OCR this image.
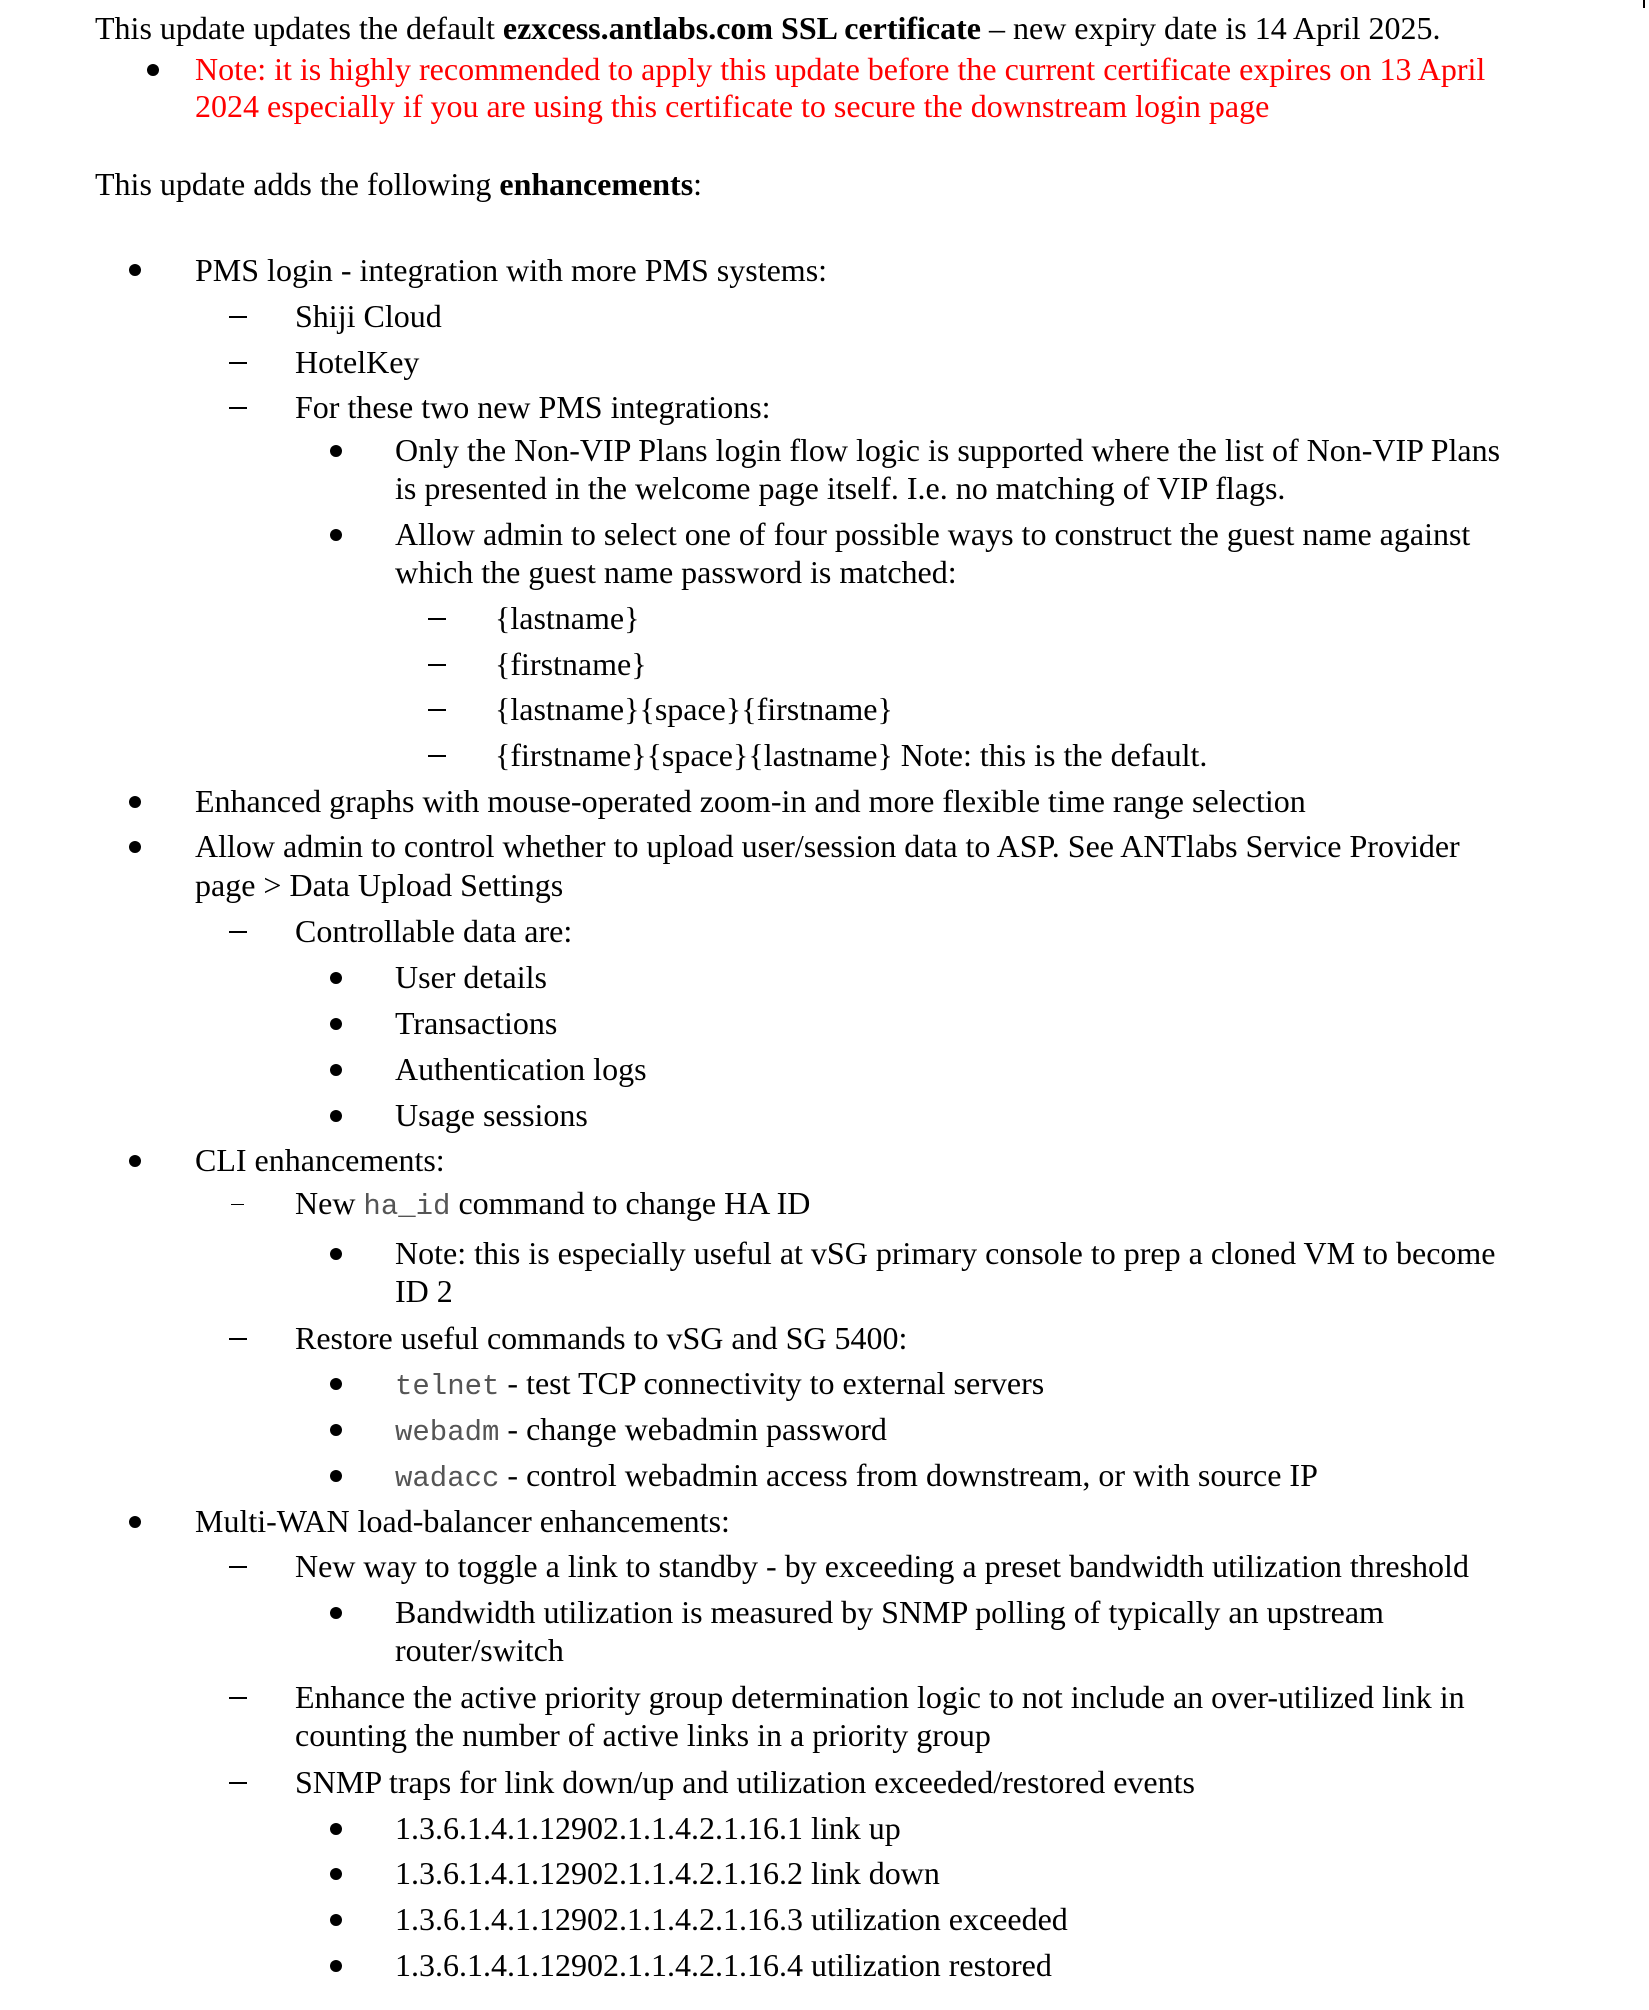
This update updates the default ezxcess.antlabs.com SSL certificate – new expiry date is 14 April 2025.
Note: it is highly recommended to apply this update before the current certificate expires on 13 April
2024 especially if you are using this certificate to secure the downstream login page
This update adds the following enhancements:
PMS login - integration with more PMS systems:
Shiji Cloud
HotelKey
For these two new PMS integrations:
Only the Non-VIP Plans login flow logic is supported where the list of Non-VIP Plans
is presented in the welcome page itself. I.e. no matching of VIP flags.
Allow admin to select one of four possible ways to construct the guest name against
which the guest name password is matched:
{lastname}
{firstname}
{lastname}{space}{firstname}
{firstname}{space}{lastname} Note: this is the default.
Enhanced graphs with mouse-operated zoom-in and more flexible time range selection
Allow admin to control whether to upload user/session data to ASP. See ANTlabs Service Provider
page > Data Upload Settings
Controllable data are:
User details
Transactions
Authentication logs
Usage sessions
CLI enhancements:
New ha_id command to change HA ID
Note: this is especially useful at vSG primary console to prep a cloned VM to become
ID 2
Restore useful commands to vSG and SG 5400:
telnet - test TCP connectivity to external servers
webadm - change webadmin password
wadacc - control webadmin access from downstream, or with source IP
Multi-WAN load-balancer enhancements:
New way to toggle a link to standby - by exceeding a preset bandwidth utilization threshold
Bandwidth utilization is measured by SNMP polling of typically an upstream
router/switch
Enhance the active priority group determination logic to not include an over-utilized link in
counting the number of active links in a priority group
SNMP traps for link down/up and utilization exceeded/restored events
1.3.6.1.4.1.12902.1.1.4.2.1.16.1 link up
1.3.6.1.4.1.12902.1.1.4.2.1.16.2 link down
1.3.6.1.4.1.12902.1.1.4.2.1.16.3 utilization exceeded
1.3.6.1.4.1.12902.1.1.4.2.1.16.4 utilization restored
